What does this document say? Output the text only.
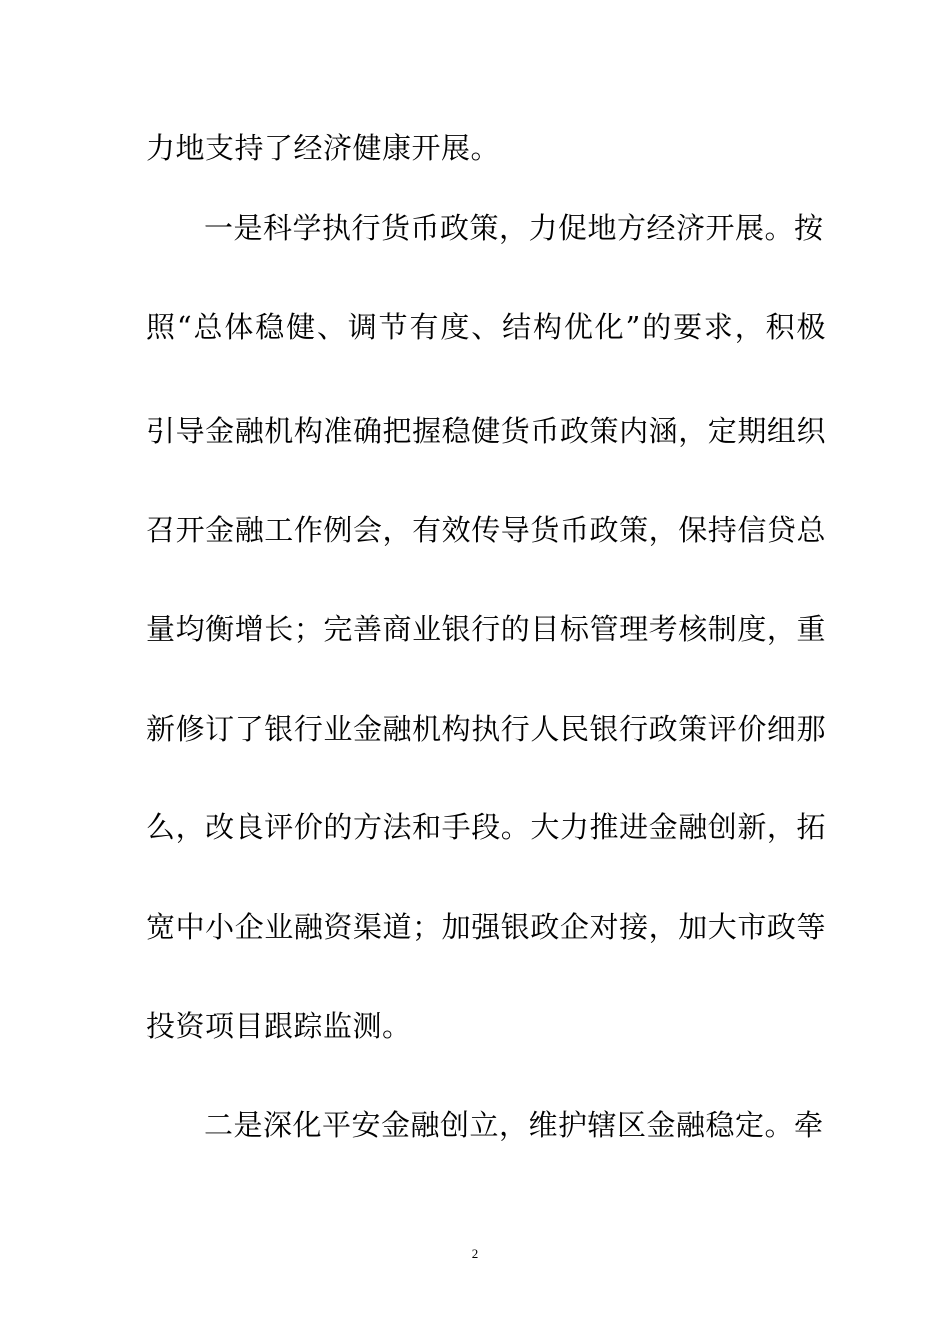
力地支持了经济健康开展。
一是科学执行货币政策，力促地方经济开展。按
照“总体稳健、调节有度、结构优化”的要求，积极
引导金融机构准确把握稳健货币政策内涵，定期组织
召开金融工作例会，有效传导货币政策，保持信贷总
量均衡增长；完善商业银行的目标管理考核制度，重
新修订了银行业金融机构执行人民银行政策评价细那
么，改良评价的方法和手段。大力推进金融创新，拓
宽中小企业融资渠道；加强银政企对接，加大市政等
投资项目跟踪监测。
二是深化平安金融创立，维护辖区金融稳定。牵
2
